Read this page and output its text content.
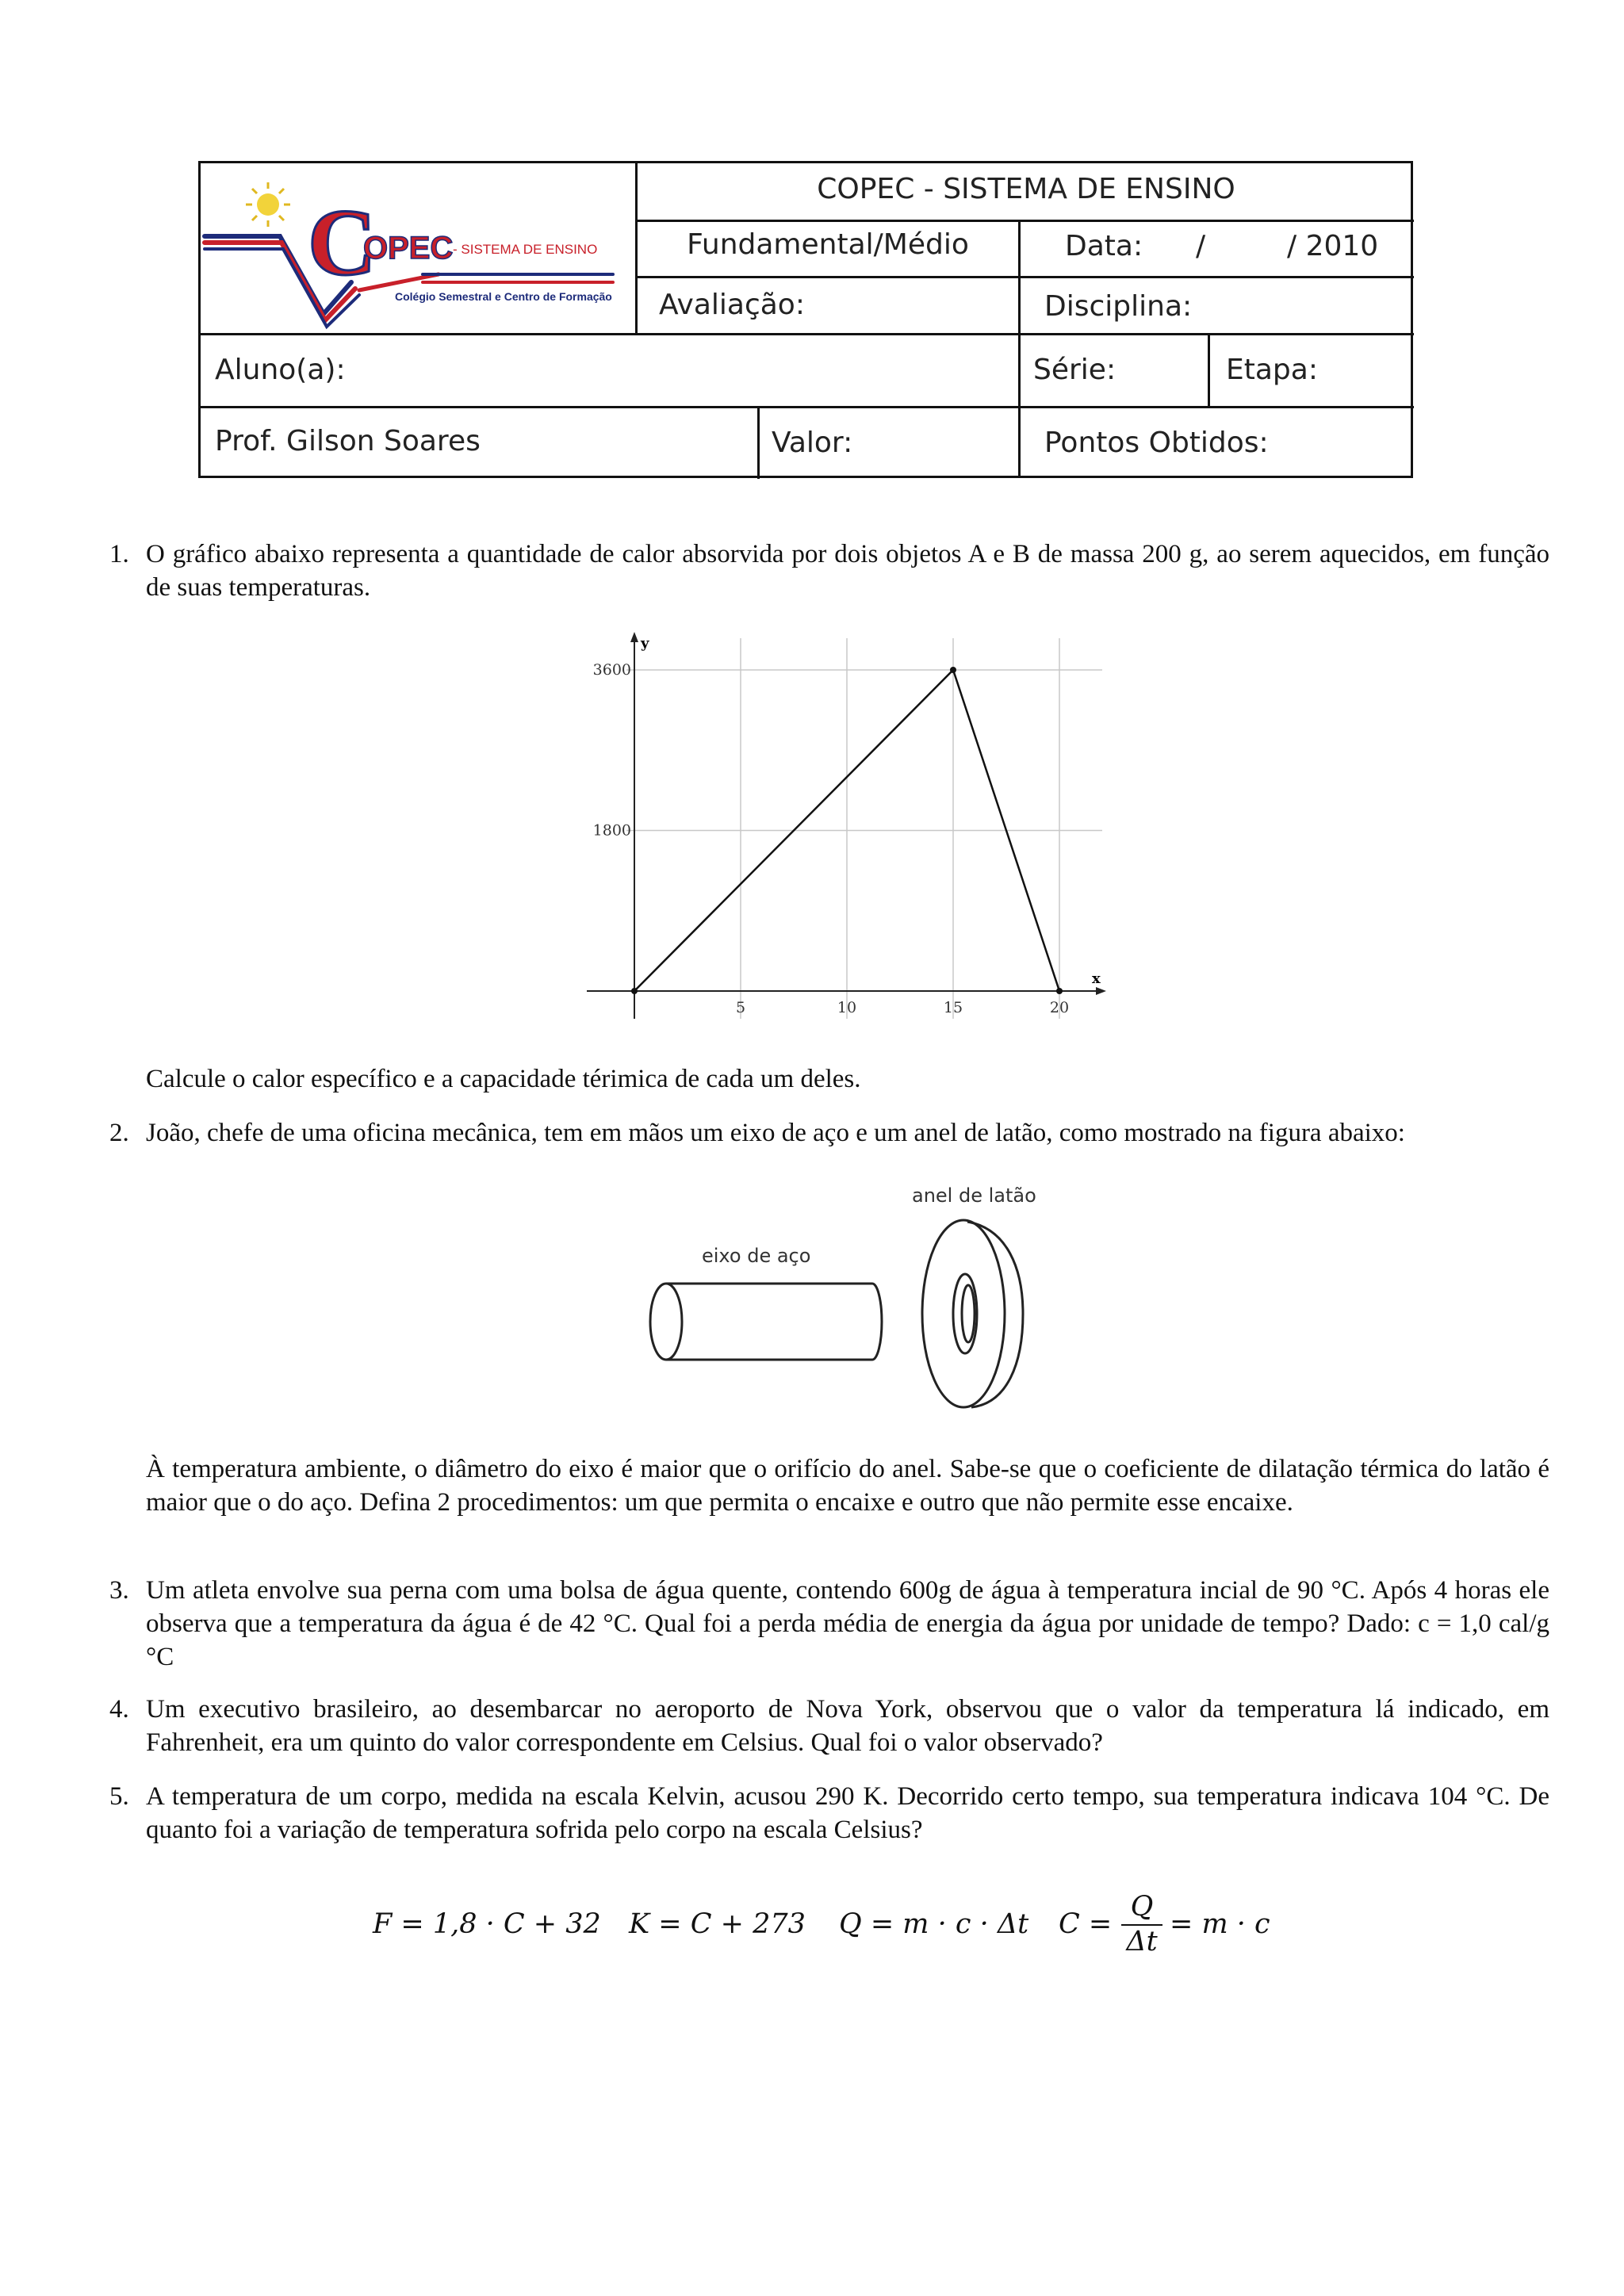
C
OPEC - SISTEMA DE ENSINO
Colégio Semestral e Centro de Formação
COPEC - SISTEMA DE ENSINO
Fundamental/Médio	Data: /	/ 2010
Avaliação:	Disciplina:
Aluno(a):	Série:	Etapa:
Prof. Gilson Soares	Valor:	Pontos Obtidos:
1. O gráfico abaixo representa a quantidade de calor absorvida por dois objetos A e B de massa 200 g, ao serem aquecidos, em função de suas temperaturas.
x
y
5	10	15	20
1800
3600
Calcule o calor específico e a capacidade térimica de cada um deles.
2. João, chefe de uma oficina mecânica, tem em mãos um eixo de aço e um anel de latão, como mostrado na figura abaixo:
eixo de aço
anel de latão
À temperatura ambiente, o diâmetro do eixo é maior que o orifício do anel. Sabe-se que o coeficiente de dilatação térmica do latão é maior que o do aço. Defina 2 procedimentos: um que permita o encaixe e outro que não permite esse encaixe.
3. Um atleta envolve sua perna com uma bolsa de água quente, contendo 600g de água à temperatura incial de 90 °C. Após 4 horas ele observa que a temperatura da água é de 42 °C. Qual foi a perda média de energia da água por unidade de tempo? Dado: c = 1,0 cal/g °C
4. Um executivo brasileiro, ao desembarcar no aeroporto de Nova York, observou que o valor da temperatura lá indicado, em Fahrenheit, era um quinto do valor correspondente em Celsius. Qual foi o valor observado?
5. A temperatura de um corpo, medida na escala Kelvin, acusou 290 K. Decorrido certo tempo, sua temperatura indicava 104 °C. De quanto foi a variação de temperatura sofrida pelo corpo na escala Celsius?
F = 1,8 · C + 32 K = C + 273 Q = m · c · Δt C =
Q
Δt
= m · c
